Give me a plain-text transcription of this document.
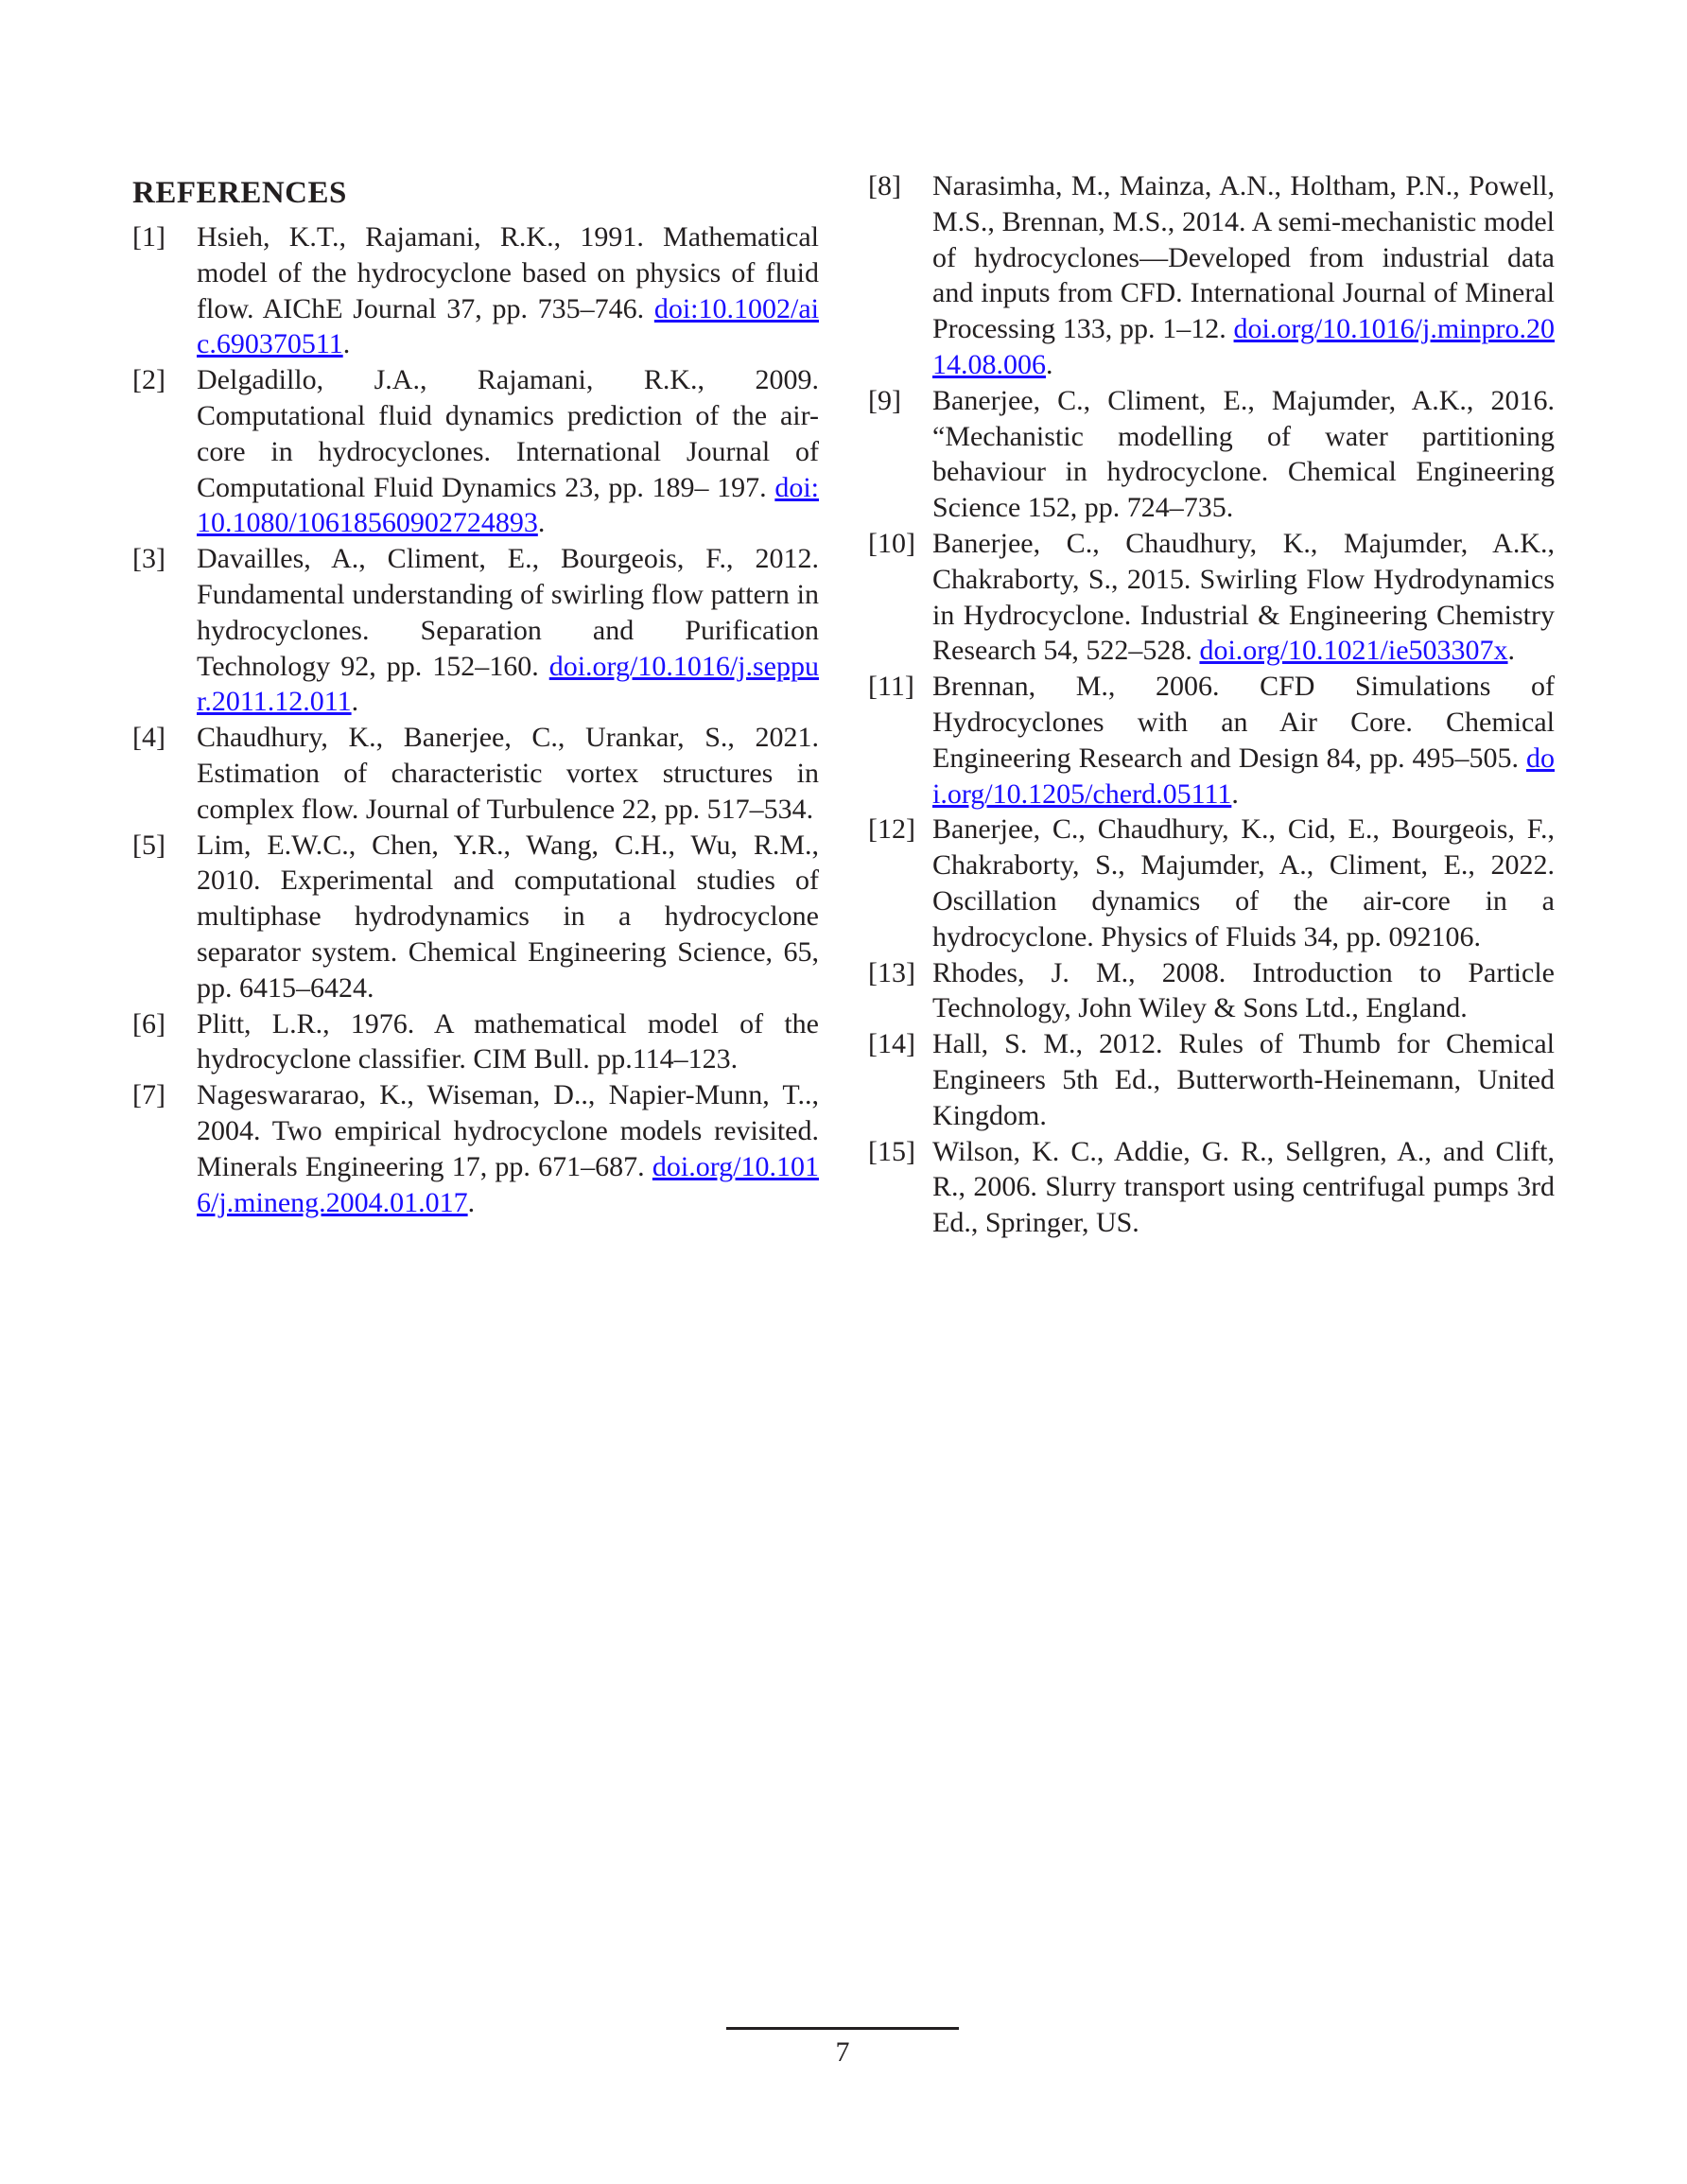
REFERENCES
[1]	Hsieh, K.T., Rajamani, R.K., 1991. Mathematical model of the hydrocyclone based on physics of fluid flow. AIChE Journal 37, pp. 735–746. doi:10.1002/aic.690370511.
[2]	Delgadillo, J.A., Rajamani, R.K., 2009. Computational fluid dynamics prediction of the air- core in hydrocyclones. International Journal of Computational Fluid Dynamics 23, pp. 189– 197. doi:10.1080/10618560902724893.
[3]	Davailles, A., Climent, E., Bourgeois, F., 2012. Fundamental understanding of swirling flow pattern in hydrocyclones. Separation and Purification Technology 92, pp. 152–160. doi.org/10.1016/j.seppur.2011.12.011.
[4]	Chaudhury, K., Banerjee, C., Urankar, S., 2021. Estimation of characteristic vortex structures in complex flow. Journal of Turbulence 22, pp. 517–534.
[5]	Lim, E.W.C., Chen, Y.R., Wang, C.H., Wu, R.M., 2010. Experimental and computational studies of multiphase hydrodynamics in a hydrocyclone separator system. Chemical Engineering Science, 65, pp. 6415–6424.
[6]	Plitt, L.R., 1976. A mathematical model of the hydrocyclone classifier. CIM Bull. pp.114–123.
[7]	Nageswararao, K., Wiseman, D.., Napier-Munn, T.., 2004. Two empirical hydrocyclone models revisited. Minerals Engineering 17, pp. 671–687. doi.org/10.1016/j.mineng.2004.01.017.
[8]	Narasimha, M., Mainza, A.N., Holtham, P.N., Powell, M.S., Brennan, M.S., 2014. A semi-mechanistic model of hydrocyclones—Developed from industrial data and inputs from CFD. International Journal of Mineral Processing 133, pp. 1–12. doi.org/10.1016/j.minpro.2014.08.006.
[9]	Banerjee, C., Climent, E., Majumder, A.K., 2016. “Mechanistic modelling of water partitioning behaviour in hydrocyclone. Chemical Engineering Science 152, pp. 724–735.
[10] Banerjee, C., Chaudhury, K., Majumder, A.K., Chakraborty, S., 2015. Swirling Flow Hydrodynamics in Hydrocyclone. Industrial & Engineering Chemistry Research 54, 522–528. doi.org/10.1021/ie503307x.
[11] Brennan, M., 2006. CFD Simulations of Hydrocyclones with an Air Core. Chemical Engineering Research and Design 84, pp. 495–505. doi.org/10.1205/cherd.05111.
[12] Banerjee, C., Chaudhury, K., Cid, E., Bourgeois, F., Chakraborty, S., Majumder, A., Climent, E., 2022. Oscillation dynamics of the air-core in a hydrocyclone. Physics of Fluids 34, pp. 092106.
[13] Rhodes, J. M., 2008. Introduction to Particle Technology, John Wiley & Sons Ltd., England.
[14] Hall, S. M., 2012. Rules of Thumb for Chemical Engineers 5th Ed., Butterworth-Heinemann, United Kingdom.
[15] Wilson, K. C., Addie, G. R., Sellgren, A., and Clift, R., 2006. Slurry transport using centrifugal pumps 3rd Ed., Springer, US.
7
